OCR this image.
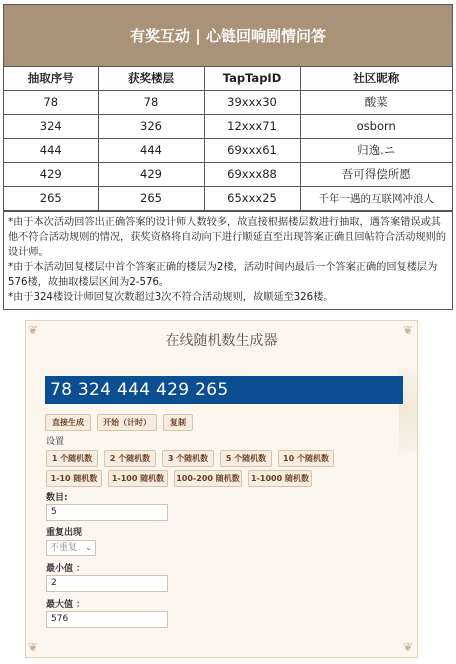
有奖互动 | 心链回响剧情问答
抽取序号	获奖楼层	TapTapID	社区昵称
78	78	39xxx30	酸菜
324	326	12xxx71	osborn
444	444	69xxx61	归逸.ニ
429	429	69xxx88	吾可得偿所愿
265	265	65xxx25	千年一遇的互联网冲浪人
*由于本次活动回答出正确答案的设计师人数较多，故直接根据楼层数进行抽取，遇答案错误或其他不符合活动规则的情况，获奖资格将自动向下进行顺延直至出现答案正确且回帖符合活动规则的设计师。
*由于本活动回复楼层中首个答案正确的楼层为2楼，活动时间内最后一个答案正确的回复楼层为576楼，故抽取楼层区间为2-576。
*由于324楼设计师回复次数超过3次不符合活动规则，故顺延至326楼。
❦	❦
❦	❦
在线随机数生成器
78 324 444 429 265
直接生成	开始（计时）	复制
设置
1 个随机数	2 个随机数	3 个随机数	5 个随机数	10 个随机数
1-10 随机数	1-100 随机数	100-200 随机数	1-1000 随机数
数目:
5
重复出现
不重复 ⌄
最小值 ：
2
最大值 ：
576
